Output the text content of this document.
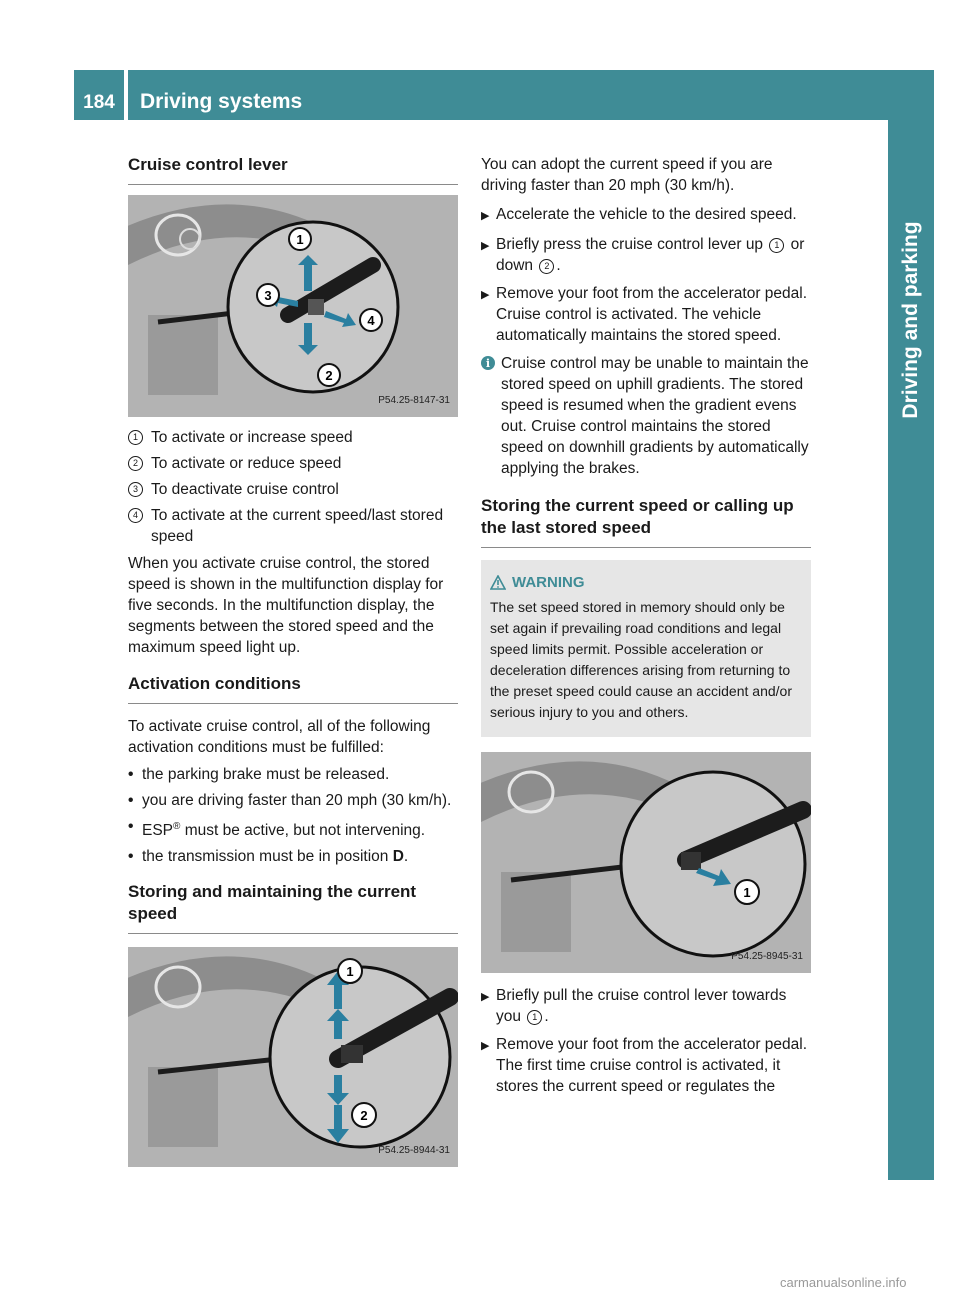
184	Driving systems
Driving and parking
Cruise control lever
1
2
3
4
P54.25-8147-31
1 To activate or increase speed
2 To activate or reduce speed
3 To deactivate cruise control
4 To activate at the current speed/last stored speed

When you activate cruise control, the stored speed is shown in the multifunction display for five seconds. In the multifunction display, the segments between the stored speed and the maximum speed light up.

Activation conditions

To activate cruise control, all of the following activation conditions must be fulfilled:

• the parking brake must be released.
• you are driving faster than 20 mph (30 km/h).
• ESP® must be active, but not intervening.
• the transmission must be in position D.
Storing and maintaining the current speed
1
2
P54.25-8944-31

You can adopt the current speed if you are driving faster than 20 mph (30 km/h).

▶ Accelerate the vehicle to the desired speed.
▶ Briefly press the cruise control lever up 1 or down 2 .
▶ Remove your foot from the accelerator pedal.
Cruise control is activated. The vehicle automatically maintains the stored speed.
i Cruise control may be unable to maintain the stored speed on uphill gradients. The stored speed is resumed when the gradient evens out. Cruise control maintains the stored speed on downhill gradients by automatically applying the brakes.
Storing the current speed or calling up the last stored speed
WARNING
The set speed stored in memory should only be set again if prevailing road conditions and legal speed limits permit. Possible acceleration or deceleration differences arising from returning to the preset speed could cause an accident and/or serious injury to you and others.
1
P54.25-8945-31
▶ Briefly pull the cruise control lever towards you 1 .
▶ Remove your foot from the accelerator pedal.
The first time cruise control is activated, it stores the current speed or regulates the
carmanualsonline.info
